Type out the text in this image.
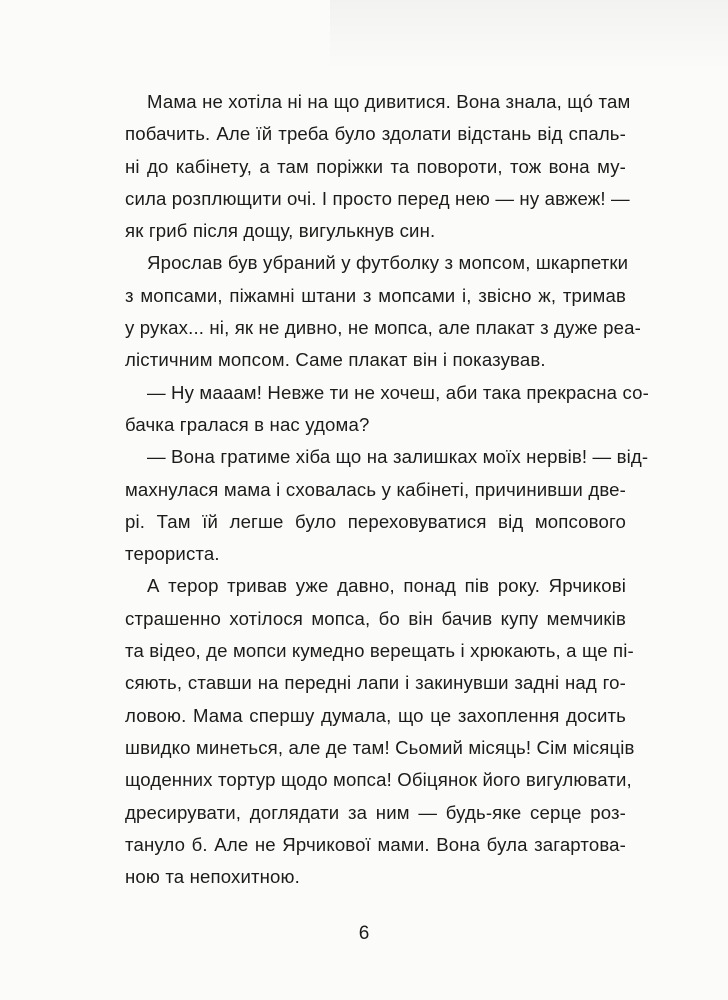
Мама не хотіла ні на що дивитися. Вона знала, щó там
побачить. Але їй треба було здолати відстань від спаль-
ні до кабінету, а там поріжки та повороти, тож вона му-
сила розплющити очі. І просто перед нею — ну авжеж! —
як гриб після дощу, вигулькнув син.

Ярослав був убраний у футболку з мопсом, шкарпетки
з мопсами, піжамні штани з мопсами і, звісно ж, тримав
у руках... ні, як не дивно, не мопса, але плакат з дуже реа-
лістичним мопсом. Саме плакат він і показував.

— Ну мааам! Невже ти не хочеш, аби така прекрасна со-
бачка гралася в нас удома?

— Вона гратиме хіба що на залишках моїх нервів! — від-
махнулася мама і сховалась у кабінеті, причинивши две-
рі. Там їй легше було переховуватися від мопсового
терориста.

А терор тривав уже давно, понад пів року. Ярчикові
страшенно хотілося мопса, бо він бачив купу мемчиків
та відео, де мопси кумедно верещать і хрюкають, а ще пі-
сяють, ставши на передні лапи і закинувши задні над го-
ловою. Мама спершу думала, що це захоплення досить
швидко минеться, але де там! Сьомий місяць! Сім місяців
щоденних тортур щодо мопса! Обіцянок його вигулювати,
дресирувати, доглядати за ним — будь-яке серце роз-
тануло б. Але не Ярчикової мами. Вона була загартова-
ною та непохитною.

6
